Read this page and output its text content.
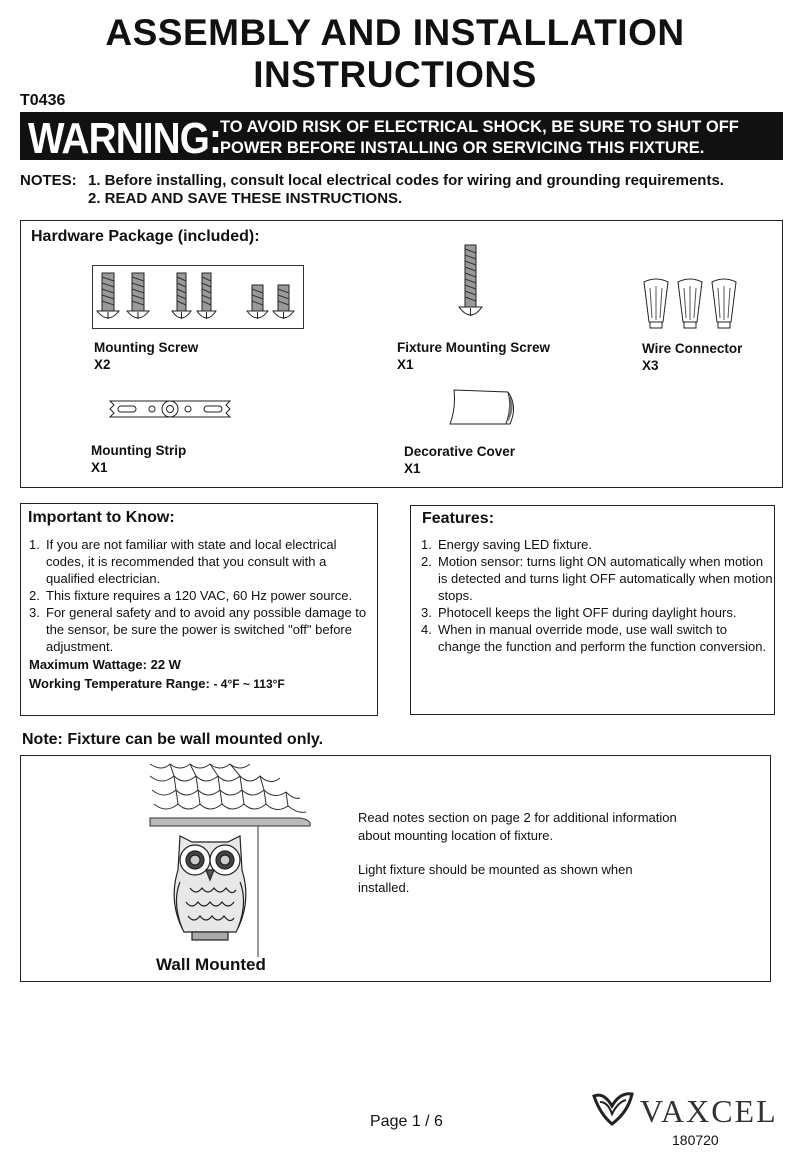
ASSEMBLY AND INSTALLATION
INSTRUCTIONS
T0436
WARNING: TO AVOID RISK OF ELECTRICAL SHOCK, BE SURE TO SHUT OFF
POWER BEFORE INSTALLING OR SERVICING THIS FIXTURE.
NOTES: 1. Before installing, consult local electrical codes for wiring and grounding requirements.
2. READ AND SAVE THESE INSTRUCTIONS.
Hardware Package (included):
Mounting Screw
X2
Fixture Mounting Screw
X1
Wire Connector
X3
Mounting Strip
X1
Decorative Cover
X1
Important to Know:
1. If you are not familiar with state and local electrical codes, it is recommended that you consult with a qualified electrician.
2. This fixture requires a 120 VAC, 60 Hz power source.
3. For general safety and to avoid any possible damage to the sensor, be sure the power is switched "off" before adjustment.
Maximum Wattage: 22 W
Working Temperature Range: - 4°F ~ 113°F
Features:
1. Energy saving LED fixture.
2. Motion sensor: turns light ON automatically when motion is detected and turns light OFF automatically when motion stops.
3. Photocell keeps the light OFF during daylight hours.
4. When in manual override mode, use wall switch to change the function and perform the function conversion.
Note: Fixture can be wall mounted only.
Wall Mounted
Read notes section on page 2 for additional information about mounting location of fixture.
Light fixture should be mounted as shown when installed.
Page 1 / 6	VAXCEL
180720
